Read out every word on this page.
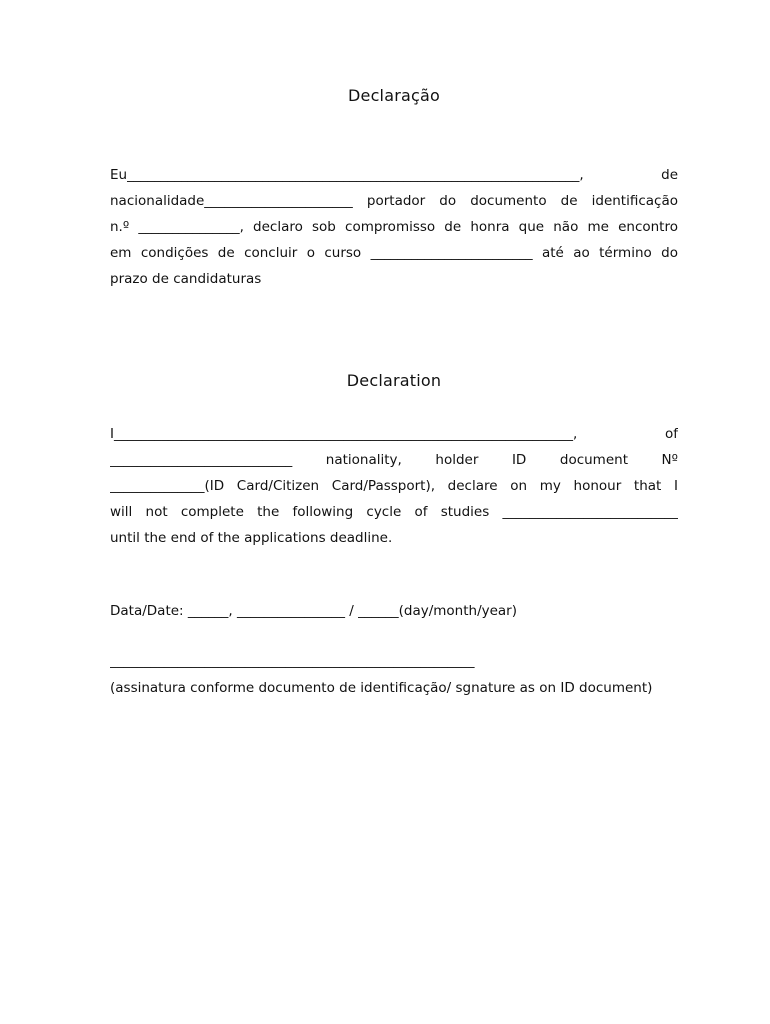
Declaração
Eu___________________________________________________________________, de
nacionalidade______________________ portador do documento de identificação
n.º _______________, declaro sob compromisso de honra que não me encontro
em condições de concluir o curso ________________________ até ao término do
prazo de candidaturas
Declaration
I____________________________________________________________________, of
___________________________ nationality, holder ID document Nº
______________(ID Card/Citizen Card/Passport), declare on my honour that I
will not complete the following cycle of studies __________________________
until the end of the applications deadline.
Data/Date: ______, ________________ / ______(day/month/year)
______________________________________________________
(assinatura conforme documento de identificação/ sgnature as on ID document)
